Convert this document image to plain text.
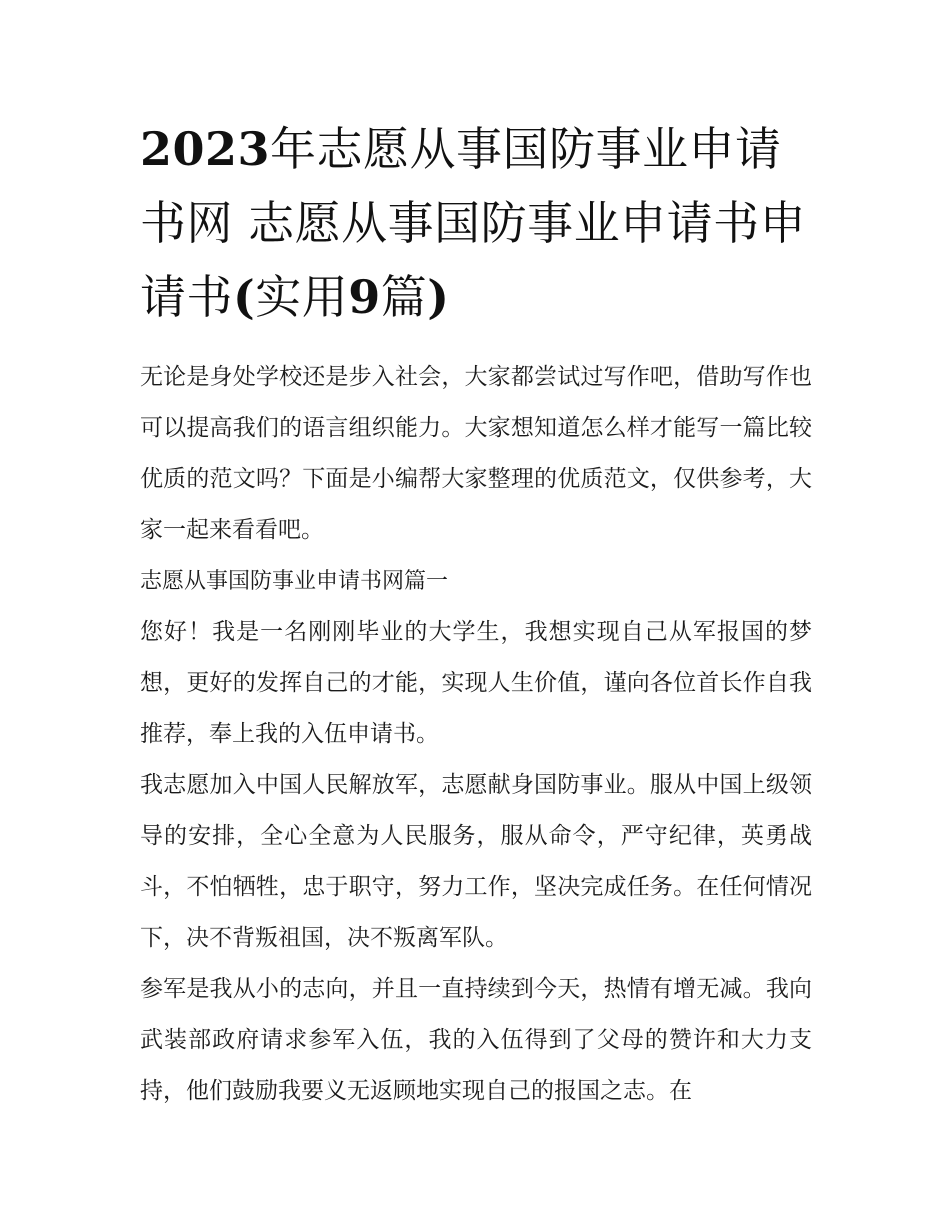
2023年志愿从事国防事业申请书网 志愿从事国防事业申请书申请书(实用9篇)

无论是身处学校还是步入社会，大家都尝试过写作吧，借助写作也可以提高我们的语言组织能力。大家想知道怎么样才能写一篇比较优质的范文吗？下面是小编帮大家整理的优质范文，仅供参考，大家一起来看看吧。

志愿从事国防事业申请书网篇一

您好！我是一名刚刚毕业的大学生，我想实现自己从军报国的梦想，更好的发挥自己的才能，实现人生价值，谨向各位首长作自我推荐，奉上我的入伍申请书。

我志愿加入中国人民解放军，志愿献身国防事业。服从中国上级领导的安排，全心全意为人民服务，服从命令，严守纪律，英勇战斗，不怕牺牲，忠于职守，努力工作，坚决完成任务。在任何情况下，决不背叛祖国，决不叛离军队。

参军是我从小的志向，并且一直持续到今天，热情有增无减。我向武装部政府请求参军入伍，我的入伍得到了父母的赞许和大力支持，他们鼓励我要义无返顾地实现自己的报国之志。在
